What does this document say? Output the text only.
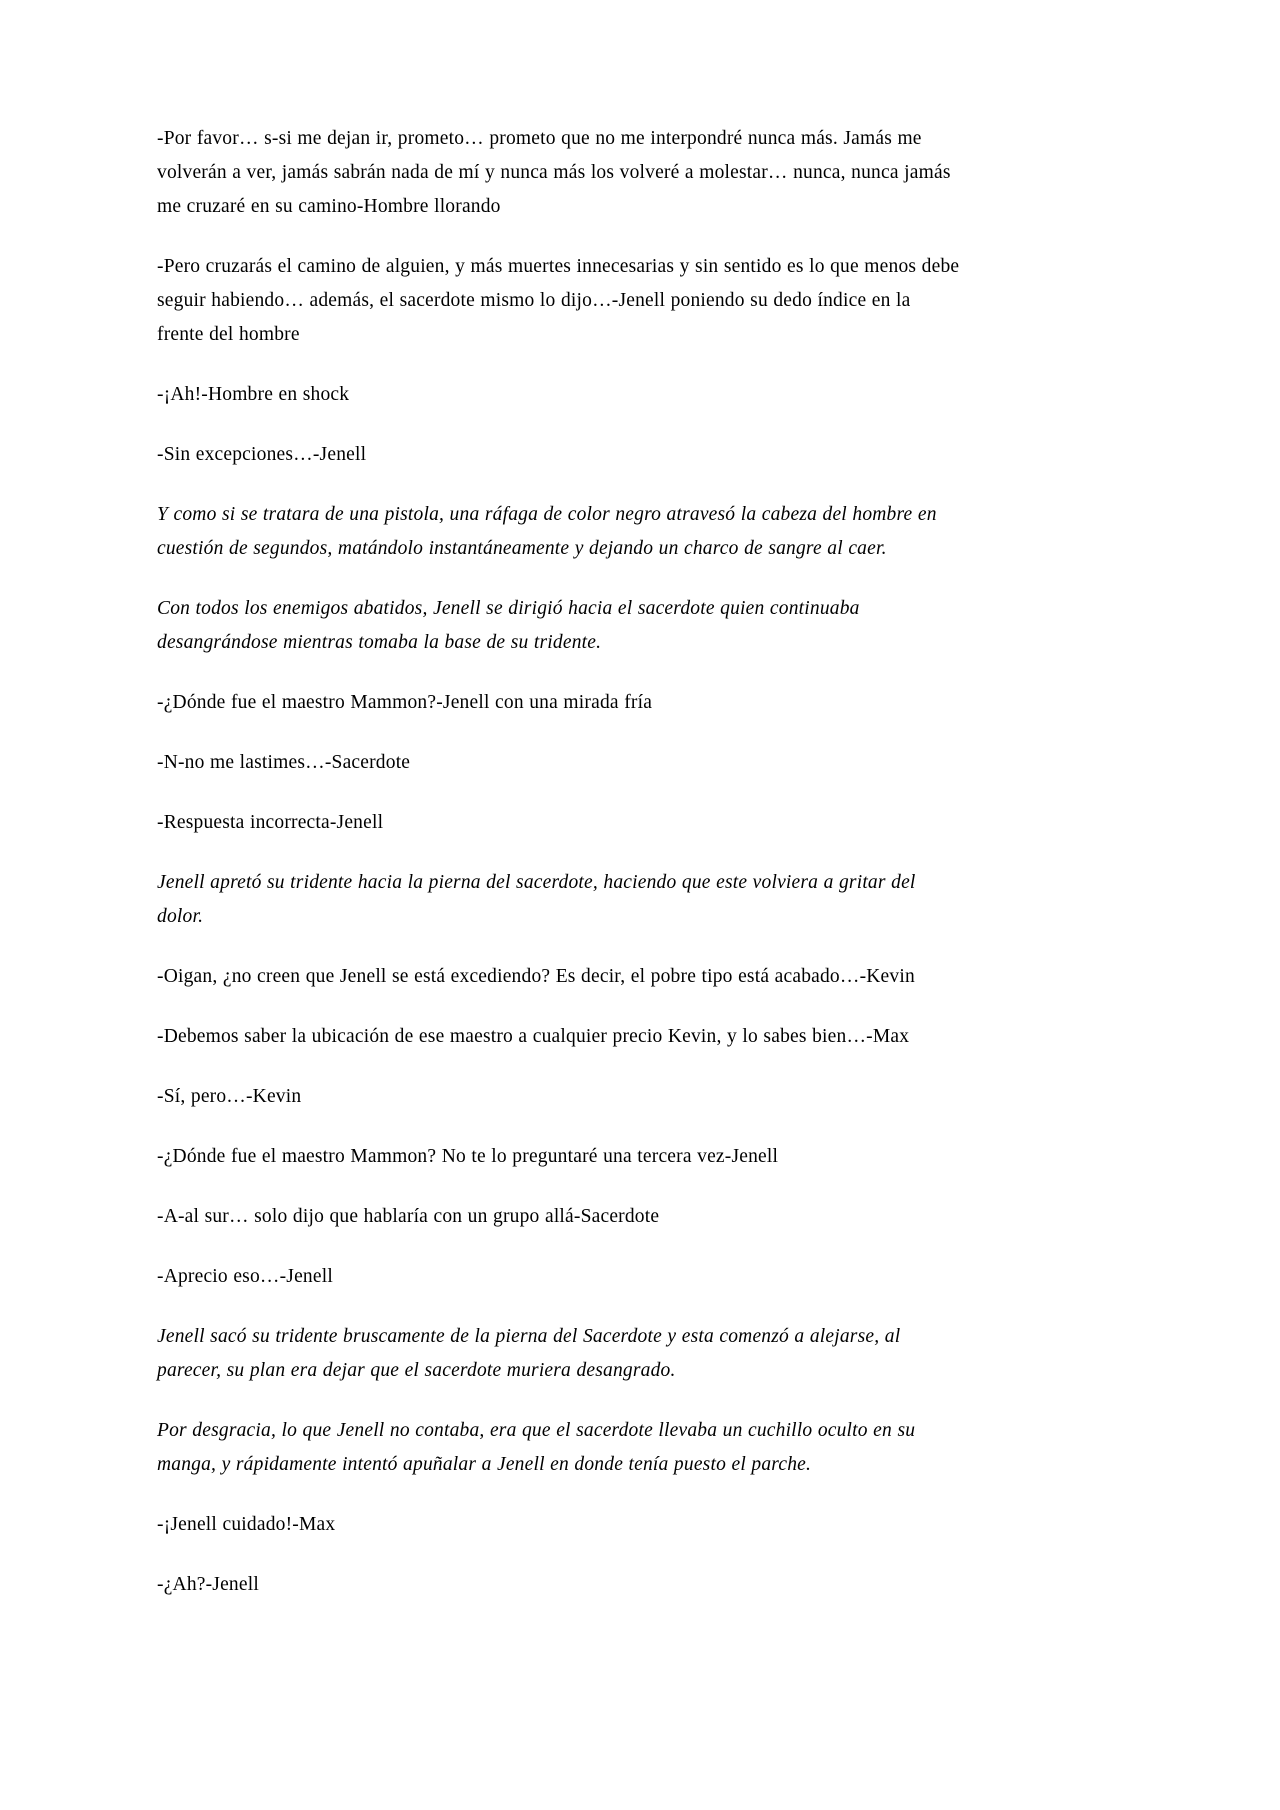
-Por favor… s-si me dejan ir, prometo… prometo que no me interpondré nunca más. Jamás me volverán a ver, jamás sabrán nada de mí y nunca más los volveré a molestar… nunca, nunca jamás me cruzaré en su camino-Hombre llorando

-Pero cruzarás el camino de alguien, y más muertes innecesarias y sin sentido es lo que menos debe seguir habiendo… además, el sacerdote mismo lo dijo…-Jenell poniendo su dedo índice en la frente del hombre

-¡Ah!-Hombre en shock

-Sin excepciones…-Jenell

Y como si se tratara de una pistola, una ráfaga de color negro atravesó la cabeza del hombre en cuestión de segundos, matándolo instantáneamente y dejando un charco de sangre al caer.

Con todos los enemigos abatidos, Jenell se dirigió hacia el sacerdote quien continuaba desangrándose mientras tomaba la base de su tridente.

-¿Dónde fue el maestro Mammon?-Jenell con una mirada fría

-N-no me lastimes…-Sacerdote

-Respuesta incorrecta-Jenell

Jenell apretó su tridente hacia la pierna del sacerdote, haciendo que este volviera a gritar del dolor.

-Oigan, ¿no creen que Jenell se está excediendo? Es decir, el pobre tipo está acabado…-Kevin

-Debemos saber la ubicación de ese maestro a cualquier precio Kevin, y lo sabes bien…-Max

-Sí, pero…-Kevin

-¿Dónde fue el maestro Mammon? No te lo preguntaré una tercera vez-Jenell

-A-al sur… solo dijo que hablaría con un grupo allá-Sacerdote

-Aprecio eso…-Jenell

Jenell sacó su tridente bruscamente de la pierna del Sacerdote y esta comenzó a alejarse, al parecer, su plan era dejar que el sacerdote muriera desangrado.

Por desgracia, lo que Jenell no contaba, era que el sacerdote llevaba un cuchillo oculto en su manga, y rápidamente intentó apuñalar a Jenell en donde tenía puesto el parche.

-¡Jenell cuidado!-Max

-¿Ah?-Jenell
